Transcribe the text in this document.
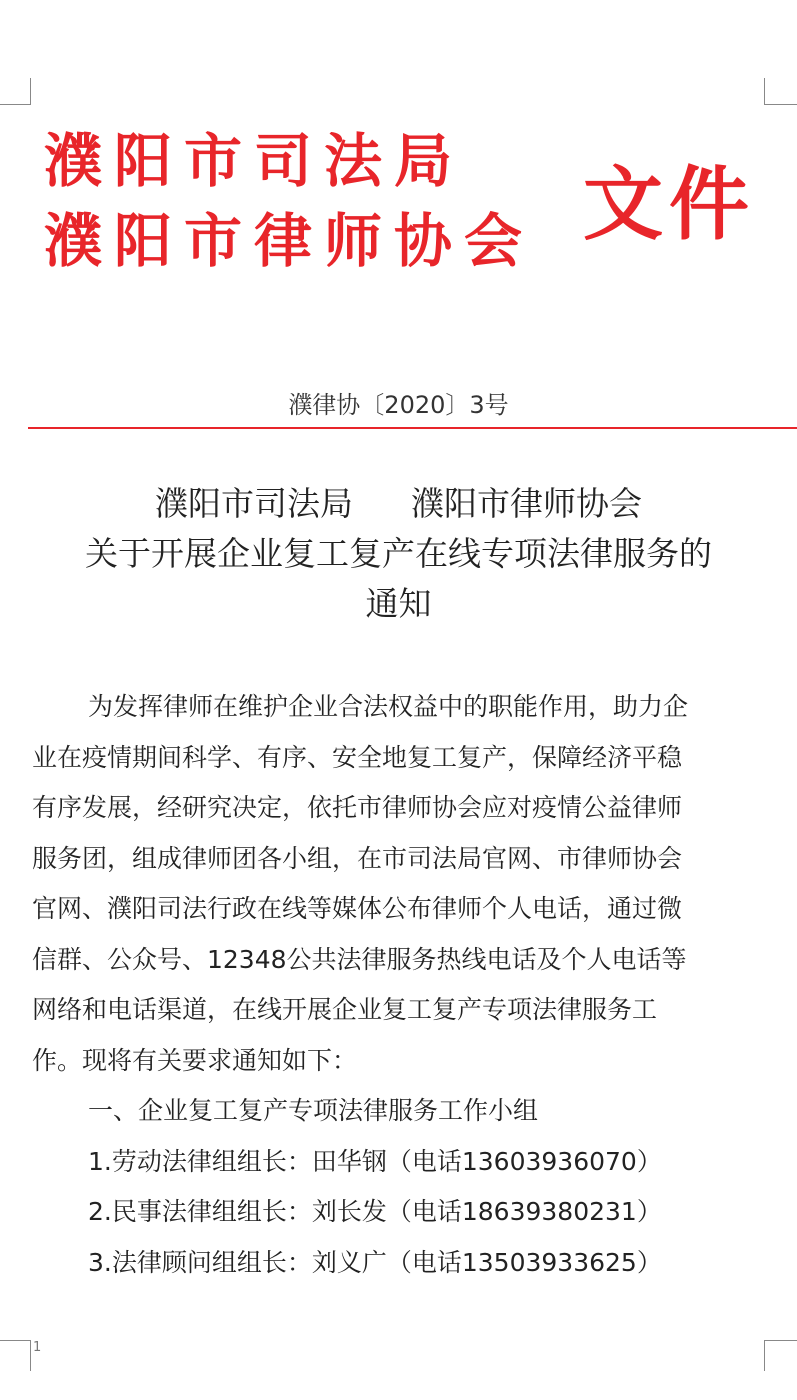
濮阳市司法局
濮阳市律师协会 文件
濮律协〔2020〕3号
濮阳市司法局 濮阳市律师协会
关于开展企业复工复产在线专项法律服务的
通知
为发挥律师在维护企业合法权益中的职能作用，助力企
业在疫情期间科学、有序、安全地复工复产，保障经济平稳
有序发展，经研究决定，依托市律师协会应对疫情公益律师
服务团，组成律师团各小组，在市司法局官网、市律师协会
官网、濮阳司法行政在线等媒体公布律师个人电话，通过微
信群、公众号、12348公共法律服务热线电话及个人电话等
网络和电话渠道，在线开展企业复工复产专项法律服务工
作。现将有关要求通知如下：
一、企业复工复产专项法律服务工作小组
1.劳动法律组组长：田华钢（电话13603936070）
2.民事法律组组长：刘长发（电话18639380231）
3.法律顾问组组长：刘义广（电话13503933625）
1
